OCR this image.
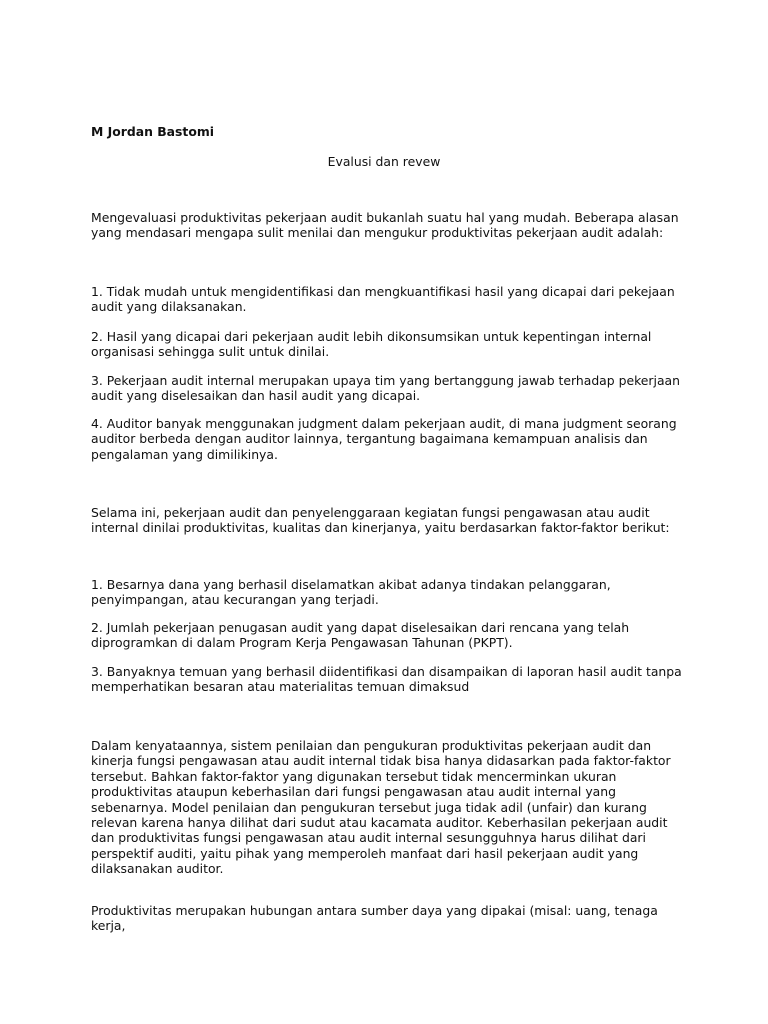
M Jordan Bastomi
Evalusi dan revew

Mengevaluasi produktivitas pekerjaan audit bukanlah suatu hal yang mudah. Beberapa alasan yang mendasari mengapa sulit menilai dan mengukur produktivitas pekerjaan audit adalah:

1. Tidak mudah untuk mengidentifikasi dan mengkuantifikasi hasil yang dicapai dari pekejaan audit yang dilaksanakan.

2. Hasil yang dicapai dari pekerjaan audit lebih dikonsumsikan untuk kepentingan internal organisasi sehingga sulit untuk dinilai.

3. Pekerjaan audit internal merupakan upaya tim yang bertanggung jawab terhadap pekerjaan audit yang diselesaikan dan hasil audit yang dicapai.

4. Auditor banyak menggunakan judgment dalam pekerjaan audit, di mana judgment seorang auditor berbeda dengan auditor lainnya, tergantung bagaimana kemampuan analisis dan pengalaman yang dimilikinya.

Selama ini, pekerjaan audit dan penyelenggaraan kegiatan fungsi pengawasan atau audit internal dinilai produktivitas, kualitas dan kinerjanya, yaitu berdasarkan faktor-faktor berikut:

1. Besarnya dana yang berhasil diselamatkan akibat adanya tindakan pelanggaran, penyimpangan, atau kecurangan yang terjadi.

2. Jumlah pekerjaan penugasan audit yang dapat diselesaikan dari rencana yang telah diprogramkan di dalam Program Kerja Pengawasan Tahunan (PKPT).

3. Banyaknya temuan yang berhasil diidentifikasi dan disampaikan di laporan hasil audit tanpa memperhatikan besaran atau materialitas temuan dimaksud

Dalam kenyataannya, sistem penilaian dan pengukuran produktivitas pekerjaan audit dan kinerja fungsi pengawasan atau audit internal tidak bisa hanya didasarkan pada faktor-faktor tersebut. Bahkan faktor-faktor yang digunakan tersebut tidak mencerminkan ukuran produktivitas ataupun keberhasilan dari fungsi pengawasan atau audit internal yang sebenarnya. Model penilaian dan pengukuran tersebut juga tidak adil (unfair) dan kurang relevan karena hanya dilihat dari sudut atau kacamata auditor. Keberhasilan pekerjaan audit dan produktivitas fungsi pengawasan atau audit internal sesungguhnya harus dilihat dari perspektif auditi, yaitu pihak yang memperoleh manfaat dari hasil pekerjaan audit yang dilaksanakan auditor.

Produktivitas merupakan hubungan antara sumber daya yang dipakai (misal: uang, tenaga kerja,
